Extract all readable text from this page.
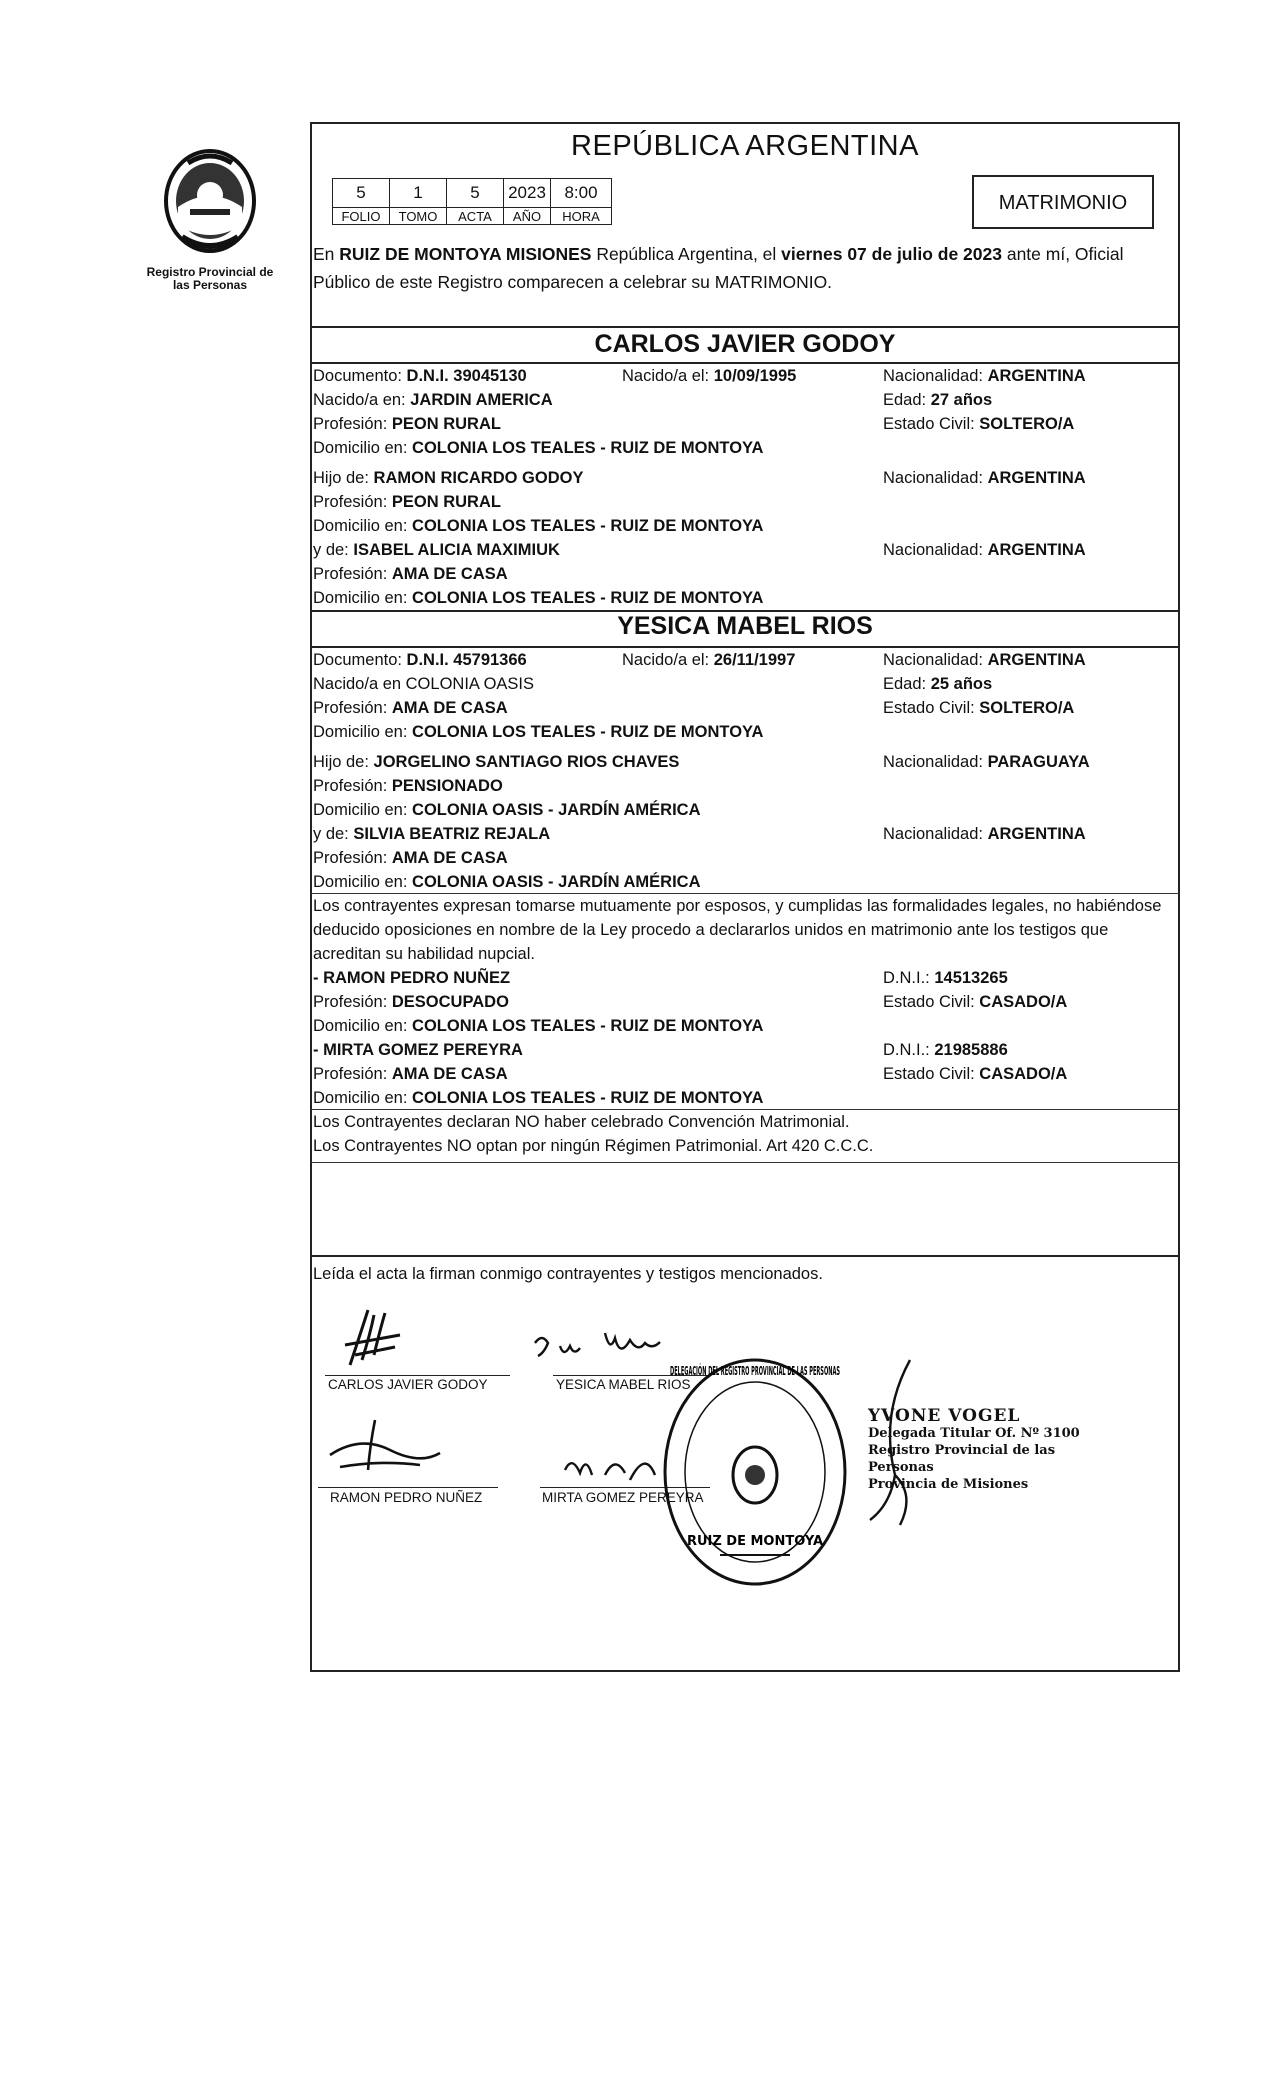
Registro Provincial de las Personas
REPÚBLICA ARGENTINA
5	1	5	2023	8:00
FOLIO	TOMO	ACTA	AÑO	HORA
MATRIMONIO
En RUIZ DE MONTOYA MISIONES República Argentina, el viernes 07 de julio de 2023 ante mí, Oficial Público de este Registro comparecen a celebrar su MATRIMONIO.
CARLOS JAVIER GODOY
Documento: D.N.I. 39045130	Nacido/a el: 10/09/1995	Nacionalidad: ARGENTINA
Nacido/a en: JARDIN AMERICA	Edad: 27 años
Profesión: PEON RURAL	Estado Civil: SOLTERO/A
Domicilio en: COLONIA LOS TEALES - RUIZ DE MONTOYA
Hijo de: RAMON RICARDO GODOY	Nacionalidad: ARGENTINA
Profesión: PEON RURAL
Domicilio en: COLONIA LOS TEALES - RUIZ DE MONTOYA
y de: ISABEL ALICIA MAXIMIUK	Nacionalidad: ARGENTINA
Profesión: AMA DE CASA
Domicilio en: COLONIA LOS TEALES - RUIZ DE MONTOYA
YESICA MABEL RIOS
Documento: D.N.I. 45791366	Nacido/a el: 26/11/1997	Nacionalidad: ARGENTINA
Nacido/a en COLONIA OASIS	Edad: 25 años
Profesión: AMA DE CASA	Estado Civil: SOLTERO/A
Domicilio en: COLONIA LOS TEALES - RUIZ DE MONTOYA
Hijo de: JORGELINO SANTIAGO RIOS CHAVES	Nacionalidad: PARAGUAYA
Profesión: PENSIONADO
Domicilio en: COLONIA OASIS - JARDÍN AMÉRICA
y de: SILVIA BEATRIZ REJALA	Nacionalidad: ARGENTINA
Profesión: AMA DE CASA
Domicilio en: COLONIA OASIS - JARDÍN AMÉRICA
Los contrayentes expresan tomarse mutuamente por esposos, y cumplidas las formalidades legales, no habiéndose deducido oposiciones en nombre de la Ley procedo a declararlos unidos en matrimonio ante los testigos que acreditan su habilidad nupcial.
- RAMON PEDRO NUÑEZ	D.N.I.: 14513265
Profesión: DESOCUPADO	Estado Civil: CASADO/A
Domicilio en: COLONIA LOS TEALES - RUIZ DE MONTOYA
- MIRTA GOMEZ PEREYRA	D.N.I.: 21985886
Profesión: AMA DE CASA	Estado Civil: CASADO/A
Domicilio en: COLONIA LOS TEALES - RUIZ DE MONTOYA
Los Contrayentes declaran NO haber celebrado Convención Matrimonial.
Los Contrayentes NO optan por ningún Régimen Patrimonial. Art 420 C.C.C.
Leída el acta la firman conmigo contrayentes y testigos mencionados.
CARLOS JAVIER GODOY
Rios Yesica
YESICA MABEL RIOS
RAMON PEDRO NUÑEZ	MIRTA GOMEZ PEREYRA
DELEGACIÓN DEL REGISTRO PROVINCIAL DE LAS PERSONAS
RUIZ DE MONTOYA
YVONE VOGEL
Delegada Titular Of. Nº 3100
Registro Provincial de las Personas
Provincia de Misiones
